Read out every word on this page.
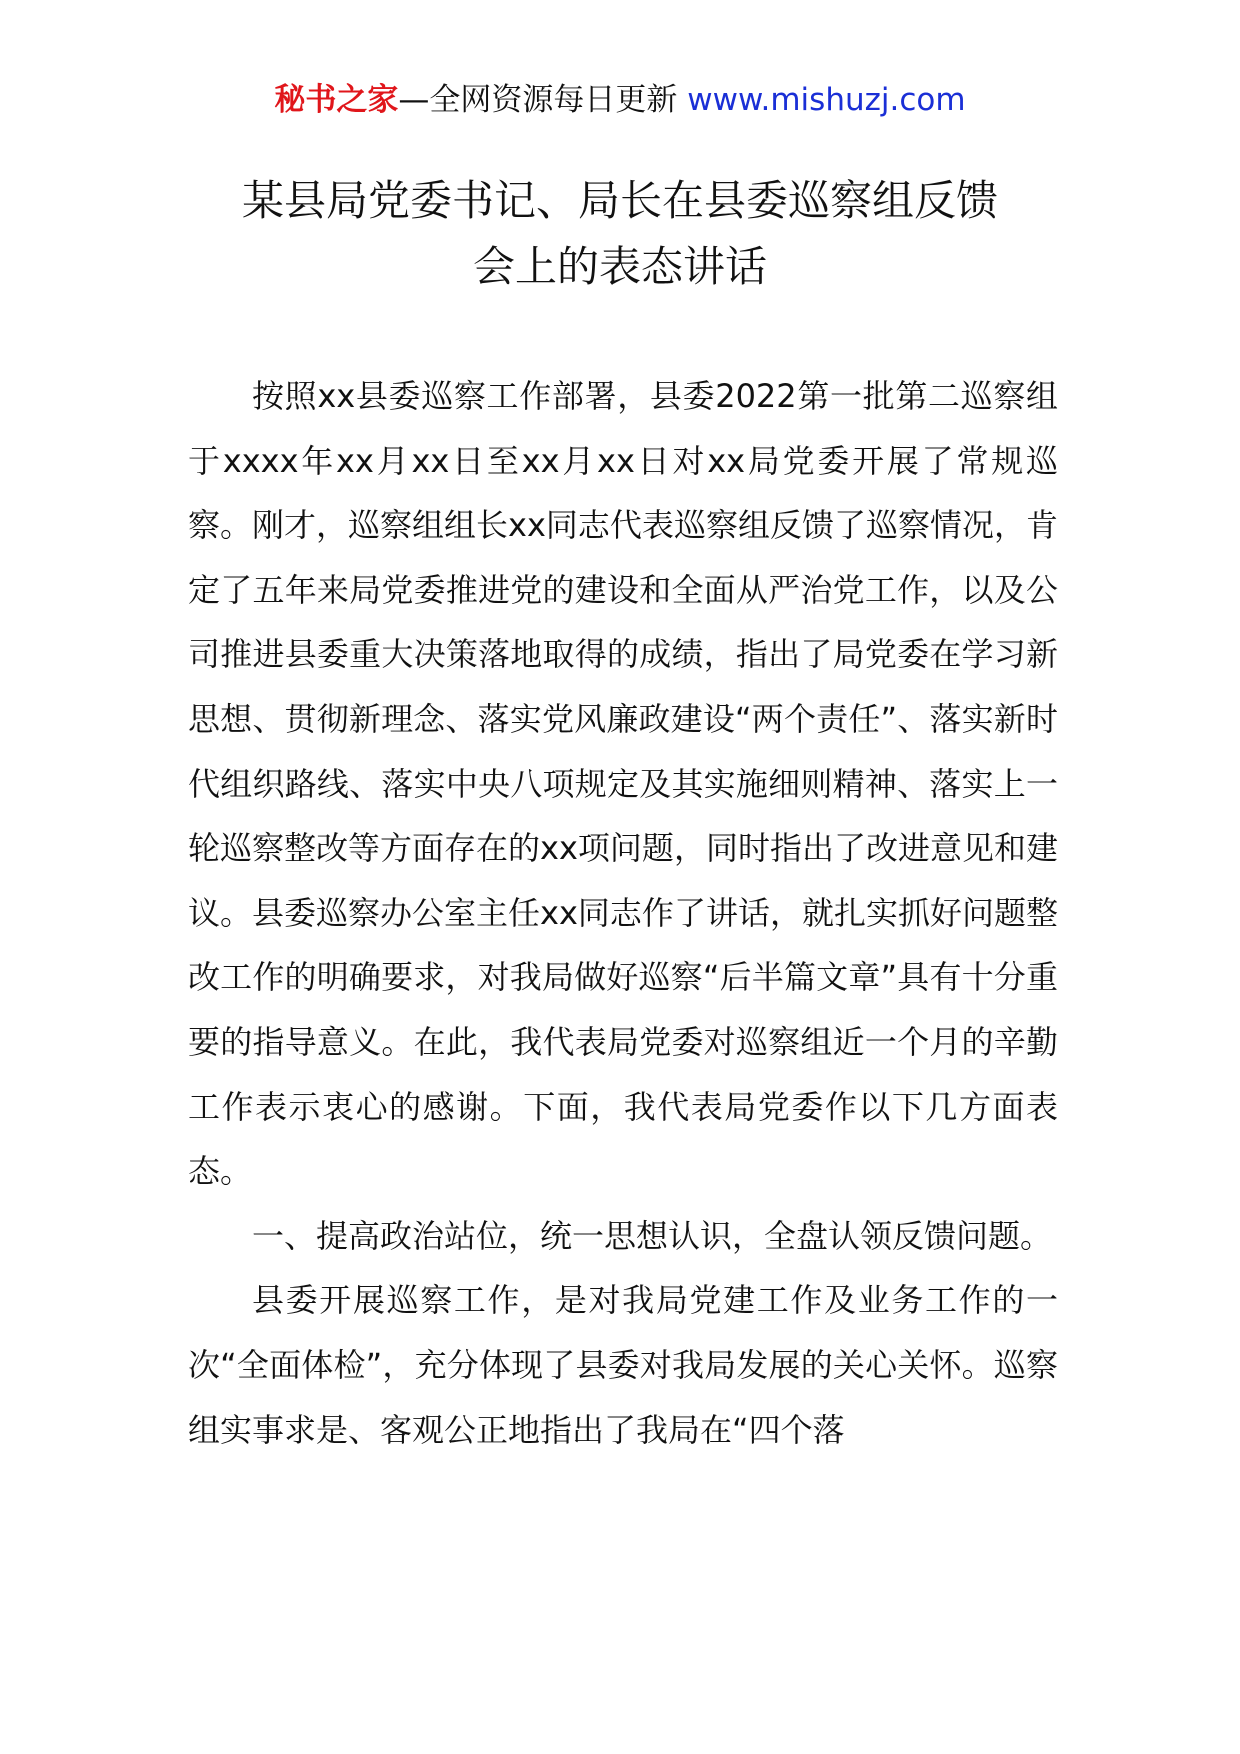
秘书之家—全网资源每日更新 www.mishuzj.com
某县局党委书记、局长在县委巡察组反馈
会上的表态讲话

按照xx县委巡察工作部署，县委2022第一批第二巡察组于xxxx年xx月xx日至xx月xx日对xx局党委开展了常规巡察。刚才，巡察组组长xx同志代表巡察组反馈了巡察情况，肯定了五年来局党委推进党的建设和全面从严治党工作，以及公司推进县委重大决策落地取得的成绩，指出了局党委在学习新思想、贯彻新理念、落实党风廉政建设“两个责任”、落实新时代组织路线、落实中央八项规定及其实施细则精神、落实上一轮巡察整改等方面存在的xx项问题，同时指出了改进意见和建议。县委巡察办公室主任xx同志作了讲话，就扎实抓好问题整改工作的明确要求，对我局做好巡察“后半篇文章”具有十分重要的指导意义。在此，我代表局党委对巡察组近一个月的辛勤工作表示衷心的感谢。下面，我代表局党委作以下几方面表态。

一、提高政治站位，统一思想认识，全盘认领反馈问题。

县委开展巡察工作，是对我局党建工作及业务工作的一次“全面体检”，充分体现了县委对我局发展的关心关怀。巡察组实事求是、客观公正地指出了我局在“四个落
